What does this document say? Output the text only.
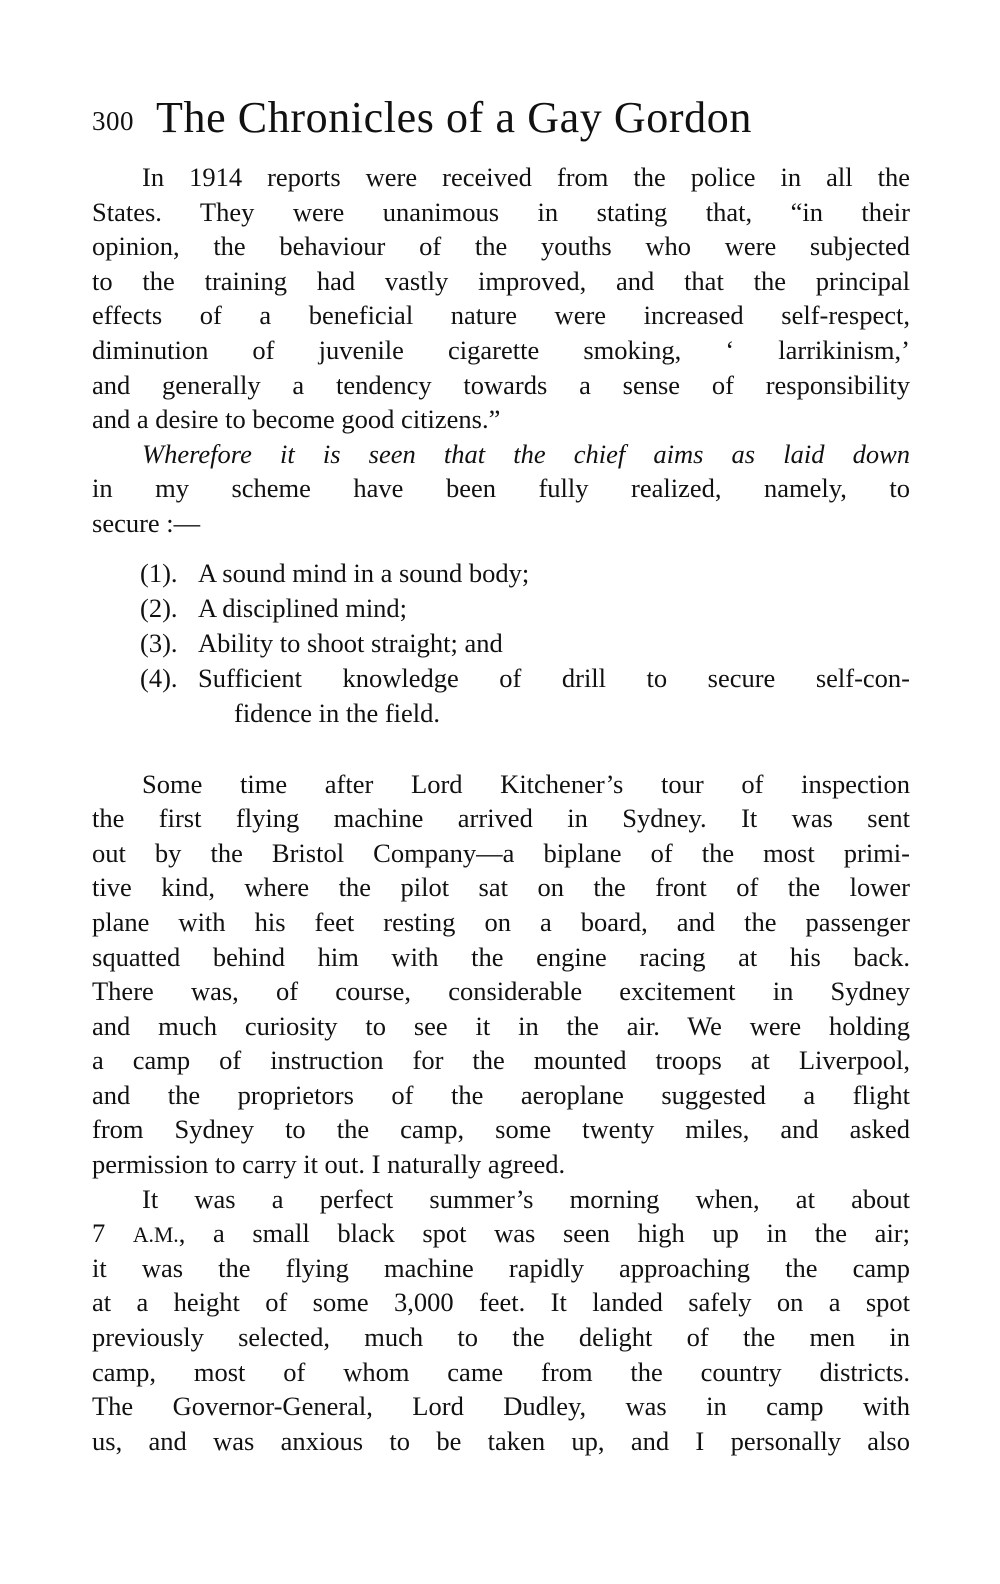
300 The Chronicles of a Gay Gordon
In 1914 reports were received from the police in all the
States. They were unanimous in stating that, “in their
opinion, the behaviour of the youths who were subjected
to the training had vastly improved, and that the principal
effects of a beneficial nature were increased self-respect,
diminution of juvenile cigarette smoking, ‘ larrikinism,’
and generally a tendency towards a sense of responsibility
and a desire to become good citizens.”
Wherefore it is seen that the chief aims as laid down
in my scheme have been fully realized, namely, to
secure :—
(1). A sound mind in a sound body;
(2). A disciplined mind;
(3). Ability to shoot straight; and
(4). Sufficient knowledge of drill to secure self-con-
fidence in the field.
Some time after Lord Kitchener’s tour of inspection
the first flying machine arrived in Sydney. It was sent
out by the Bristol Company—a biplane of the most primi-
tive kind, where the pilot sat on the front of the lower
plane with his feet resting on a board, and the passenger
squatted behind him with the engine racing at his back.
There was, of course, considerable excitement in Sydney
and much curiosity to see it in the air. We were holding
a camp of instruction for the mounted troops at Liverpool,
and the proprietors of the aeroplane suggested a flight
from Sydney to the camp, some twenty miles, and asked
permission to carry it out. I naturally agreed.
It was a perfect summer’s morning when, at about
7 A.M., a small black spot was seen high up in the air;
it was the flying machine rapidly approaching the camp
at a height of some 3,000 feet. It landed safely on a spot
previously selected, much to the delight of the men in
camp, most of whom came from the country districts.
The Governor-General, Lord Dudley, was in camp with
us, and was anxious to be taken up, and I personally also
